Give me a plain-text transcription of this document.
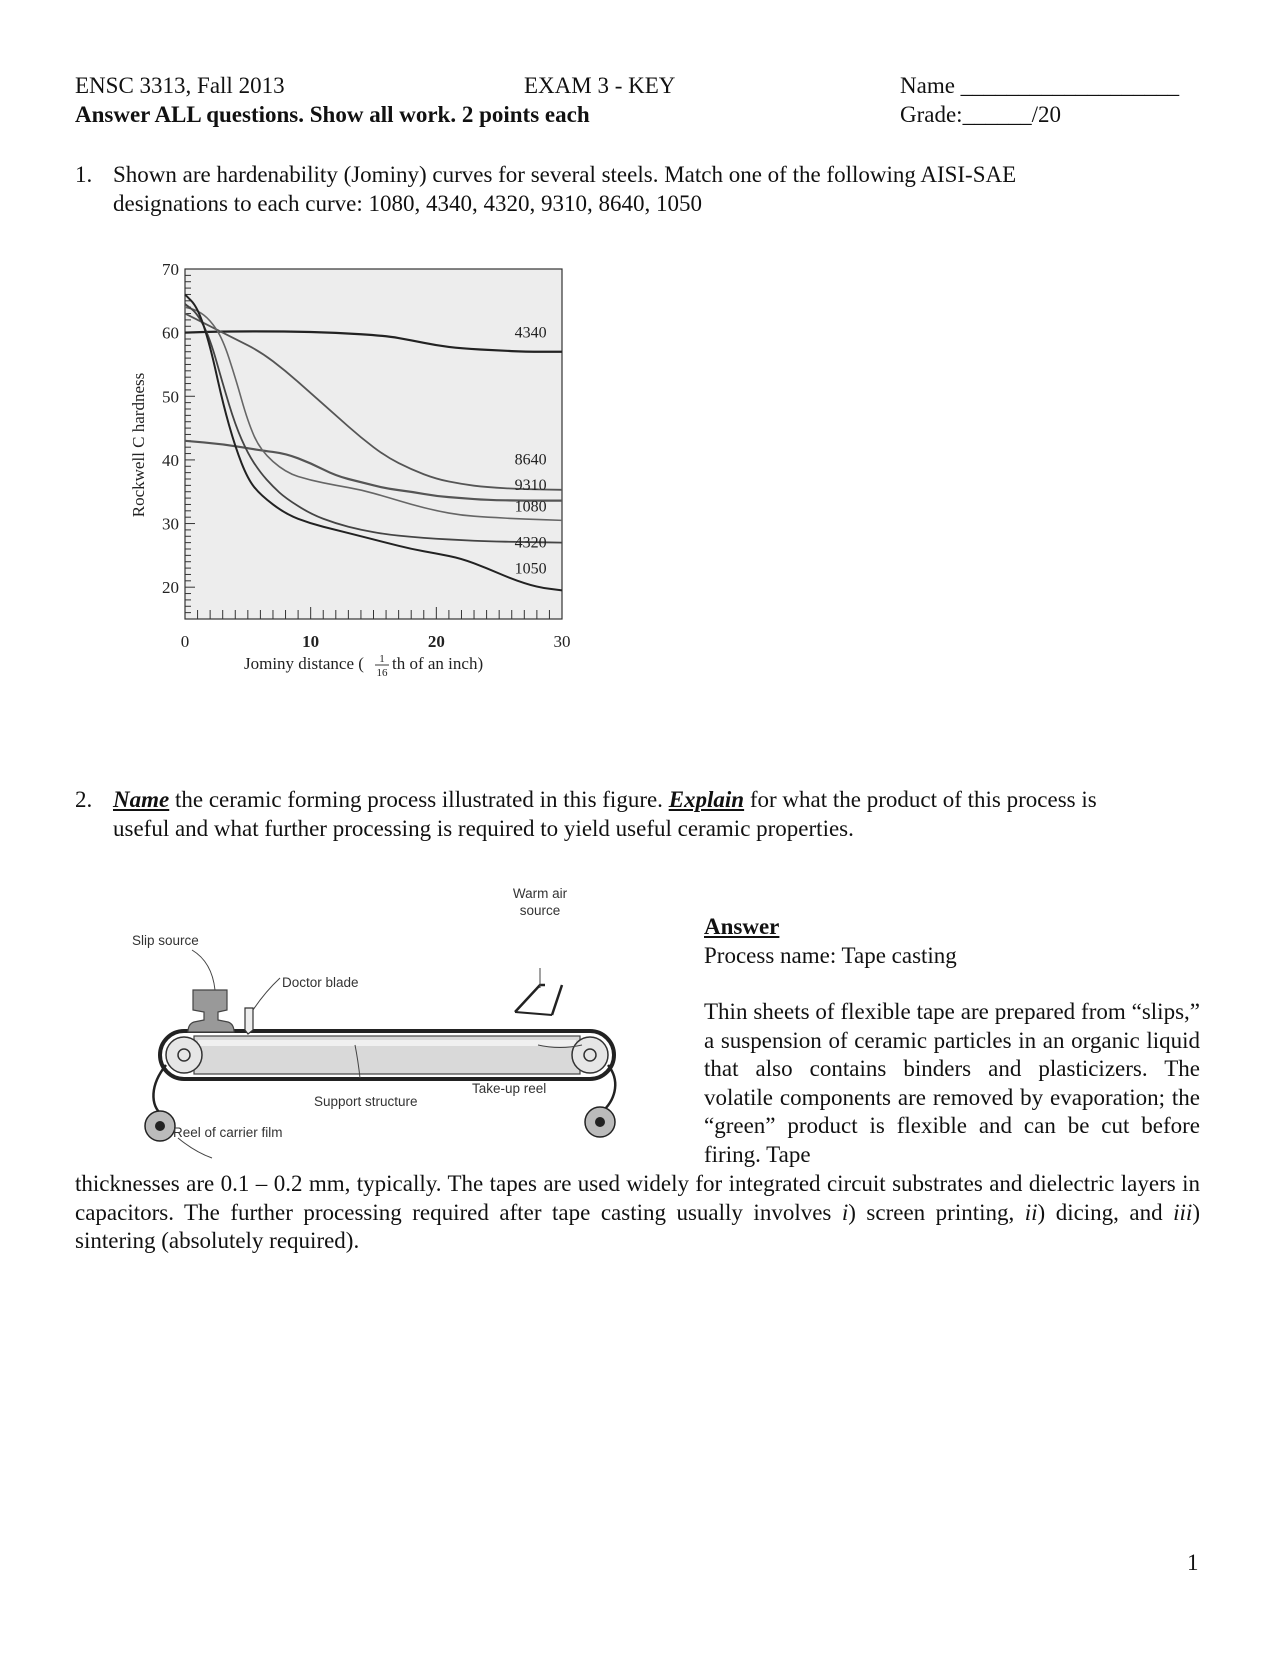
ENSC 3313, Fall 2013	EXAM 3 - KEY	Name ___________________
Answer ALL questions. Show all work. 2 points each	Grade:______/20
1. Shown are hardenability (Jominy) curves for several steels. Match one of the following AISI-SAE
designations to each curve: 1080, 4340, 4320, 9310, 8640, 1050
4340
8640
9310
1080
4320
1050
70
60
50
40
30
20
0	10	20	30
Rockwell C hardness
Jominy distance ( 1
16 th of an inch)
2. Name the ceramic forming process illustrated in this figure. Explain for what the product of this process is
useful and what further processing is required to yield useful ceramic properties.
Slip source
Doctor blade
Warm air
source
Support structure
Take-up reel
Reel of carrier film
Answer
Process name: Tape casting
Thin sheets of flexible tape are prepared from “slips,” a suspension of ceramic particles in an organic liquid that also contains binders and plasticizers. The volatile components are removed by evaporation; the “green” product is flexible and can be cut before firing. Tape
thicknesses are 0.1 – 0.2 mm, typically. The tapes are used widely for integrated circuit substrates and dielectric layers in capacitors. The further processing required after tape casting usually involves i) screen printing, ii) dicing, and iii) sintering (absolutely required).
1
